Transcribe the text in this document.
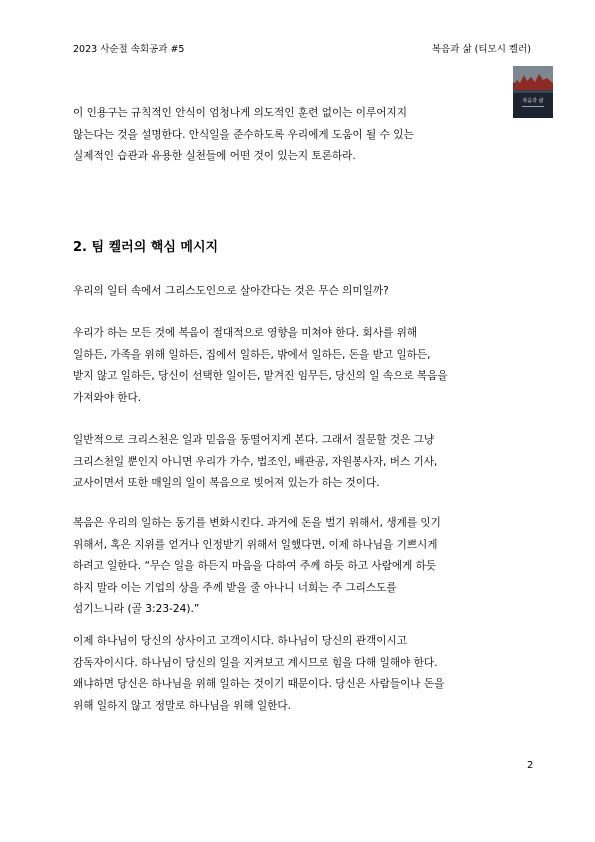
2023 사순절 속회공과 #5	복음과 삶 (티모시 켈러)
복음과 삶

이 인용구는 규칙적인 안식이 엄청나게 의도적인 훈련 없이는 이루어지지

않는다는 것을 설명한다. 안식일을 준수하도록 우리에게 도움이 될 수 있는

실제적인 습관과 유용한 실천들에 어떤 것이 있는지 토론하라.

2. 팀 켈러의 핵심 메시지

우리의 일터 속에서 그리스도인으로 살아간다는 것은 무슨 의미일까?

우리가 하는 모든 것에 복음이 절대적으로 영향을 미쳐야 한다. 회사를 위해

일하든, 가족을 위해 일하든, 집에서 일하든, 밖에서 일하든, 돈을 받고 일하든,

받지 않고 일하든, 당신이 선택한 일이든, 맡겨진 임무든, 당신의 일 속으로 복음을

가져와야 한다.

일반적으로 크리스천은 일과 믿음을 동떨어지게 본다. 그래서 질문할 것은 그냥

크리스천일 뿐인지 아니면 우리가 가수, 법조인, 배관공, 자원봉사자, 버스 기사,

교사이면서 또한 매일의 일이 복음으로 빚어져 있는가 하는 것이다.

복음은 우리의 일하는 동기를 변화시킨다. 과거에 돈을 벌기 위해서, 생계를 잇기

위해서, 혹은 지위를 얻거나 인정받기 위해서 일했다면, 이제 하나님을 기쁘시게

하려고 일한다. “무슨 일을 하든지 마음을 다하여 주께 하듯 하고 사람에게 하듯

하지 말라 이는 기업의 상을 주께 받을 줄 아나니 너희는 주 그리스도를

섬기느니라 (골 3:23-24).”

이제 하나님이 당신의 상사이고 고객이시다. 하나님이 당신의 관객이시고

감독자이시다. 하나님이 당신의 일을 지켜보고 계시므로 힘을 다해 일해야 한다.

왜냐하면 당신은 하나님을 위해 일하는 것이기 때문이다. 당신은 사람들이나 돈을

위해 일하지 않고 정말로 하나님을 위해 일한다.

2
